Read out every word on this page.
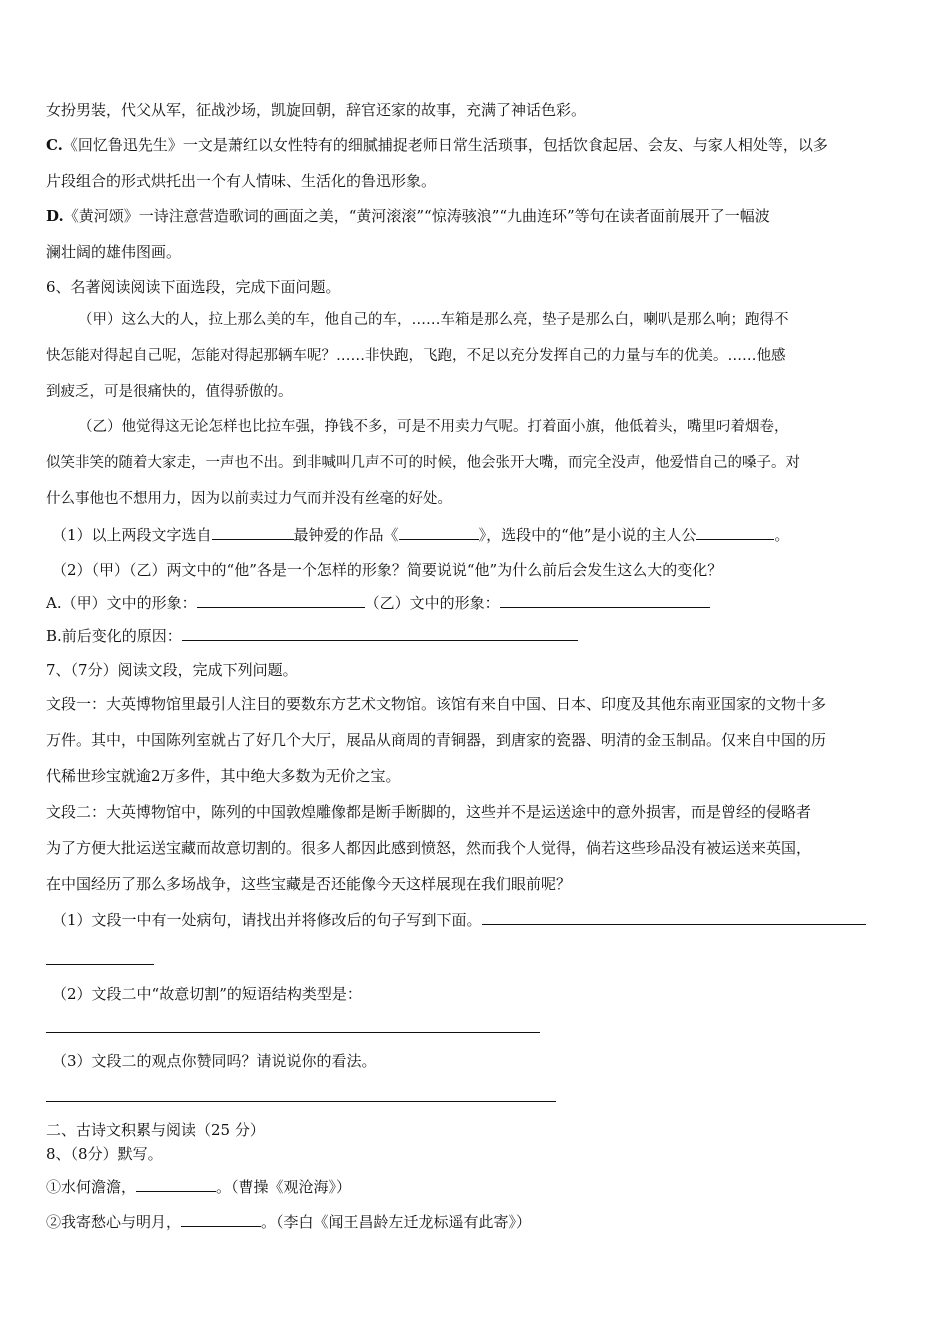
女扮男装，代父从军，征战沙场，凯旋回朝，辞官还家的故事，充满了神话色彩。
C.《回忆鲁迅先生》一文是萧红以女性特有的细腻捕捉老师日常生活琐事，包括饮食起居、会友、与家人相处等，以多
片段组合的形式烘托出一个有人情味、生活化的鲁迅形象。
D.《黄河颂》一诗注意营造歌词的画面之美，“黄河滚滚”“惊涛骇浪”“九曲连环”等句在读者面前展开了一幅波
澜壮阔的雄伟图画。
6、名著阅读阅读下面选段，完成下面问题。
（甲）这么大的人，拉上那么美的车，他自己的车，……车箱是那么亮，垫子是那么白，喇叭是那么响；跑得不
快怎能对得起自己呢，怎能对得起那辆车呢？……非快跑，飞跑，不足以充分发挥自己的力量与车的优美。……他感
到疲乏，可是很痛快的，值得骄傲的。
（乙）他觉得这无论怎样也比拉车强，挣钱不多，可是不用卖力气呢。打着面小旗，他低着头，嘴里叼着烟卷，
似笑非笑的随着大家走，一声也不出。到非喊叫几声不可的时候，他会张开大嘴，而完全没声，他爱惜自己的嗓子。对
什么事他也不想用力，因为以前卖过力气而并没有丝毫的好处。
（1）以上两段文字选自	最钟爱的作品《	》，选段中的“他”是小说的主人公	。
（2）（甲）（乙）两文中的“他”各是一个怎样的形象？简要说说“他”为什么前后会发生这么大的变化？
A.（甲）文中的形象：	（乙）文中的形象：
B.前后变化的原因：
7、（7分）阅读文段，完成下列问题。
文段一：大英博物馆里最引人注目的要数东方艺术文物馆。该馆有来自中国、日本、印度及其他东南亚国家的文物十多
万件。其中，中国陈列室就占了好几个大厅，展品从商周的青铜器，到唐家的瓷器、明清的金玉制品。仅来自中国的历
代稀世珍宝就逾2万多件，其中绝大多数为无价之宝。
文段二：大英博物馆中，陈列的中国敦煌雕像都是断手断脚的，这些并不是运送途中的意外损害，而是曾经的侵略者
为了方便大批运送宝藏而故意切割的。很多人都因此感到愤怒，然而我个人觉得，倘若这些珍品没有被运送来英国，
在中国经历了那么多场战争，这些宝藏是否还能像今天这样展现在我们眼前呢？
（1）文段一中有一处病句，请找出并将修改后的句子写到下面。
（2）文段二中“故意切割”的短语结构类型是：
（3）文段二的观点你赞同吗？请说说你的看法。
二、古诗文积累与阅读（25 分）
8、（8分）默写。
①水何澹澹，	。（曹操《观沧海》）
②我寄愁心与明月，	。（李白《闻王昌龄左迁龙标遥有此寄》）
